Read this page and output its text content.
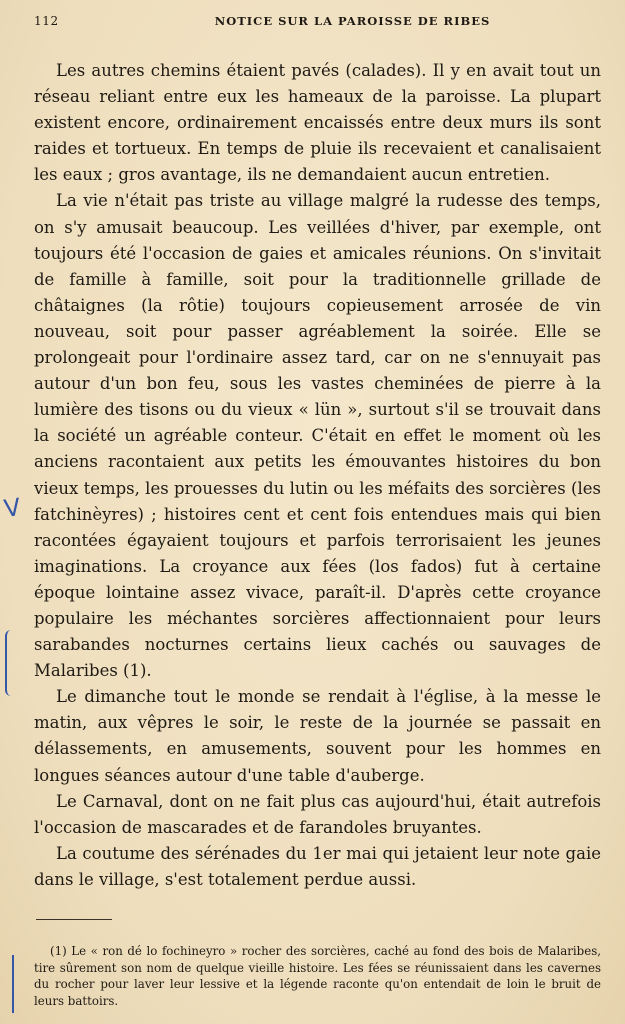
112	NOTICE SUR LA PAROISSE DE RIBES

Les autres chemins étaient pavés (calades). Il y en avait tout un réseau reliant entre eux les hameaux de la paroisse. La plupart existent encore, ordinairement encaissés entre deux murs ils sont raides et tortueux. En temps de pluie ils recevaient et canalisaient les eaux ; gros avantage, ils ne demandaient aucun entretien.

La vie n'était pas triste au village malgré la rudesse des temps, on s'y amusait beaucoup. Les veillées d'hiver, par exemple, ont toujours été l'occasion de gaies et amicales réunions. On s'invitait de famille à famille, soit pour la traditionnelle grillade de châtaignes (la rôtie) toujours copieusement arrosée de vin nouveau, soit pour passer agréablement la soirée. Elle se prolongeait pour l'ordinaire assez tard, car on ne s'ennuyait pas autour d'un bon feu, sous les vastes cheminées de pierre à la lumière des tisons ou du vieux « lün », surtout s'il se trouvait dans la société un agréable conteur. C'était en effet le moment où les anciens racontaient aux petits les émouvantes histoires du bon vieux temps, les prouesses du lutin ou les méfaits des sorcières (les fatchinèyres) ; histoires cent et cent fois entendues mais qui bien racontées égayaient toujours et parfois terrorisaient les jeunes imaginations. La croyance aux fées (los fados) fut à certaine époque lointaine assez vivace, paraît-il. D'après cette croyance populaire les méchantes sorcières affectionnaient pour leurs sarabandes nocturnes certains lieux cachés ou sauvages de Malaribes (1).

Le dimanche tout le monde se rendait à l'église, à la messe le matin, aux vêpres le soir, le reste de la journée se passait en délassements, en amusements, souvent pour les hommes en longues séances autour d'une table d'auberge.

Le Carnaval, dont on ne fait plus cas aujourd'hui, était autrefois l'occasion de mascarades et de farandoles bruyantes.

La coutume des sérénades du 1er mai qui jetaient leur note gaie dans le village, s'est totalement perdue aussi.

(1) Le « ron dé lo fochineyro » rocher des sorcières, caché au fond des bois de Malaribes, tire sûrement son nom de quelque vieille histoire. Les fées se réunissaient dans les cavernes du rocher pour laver leur lessive et la légende raconte qu'on entendait de loin le bruit de leurs battoirs.

V
